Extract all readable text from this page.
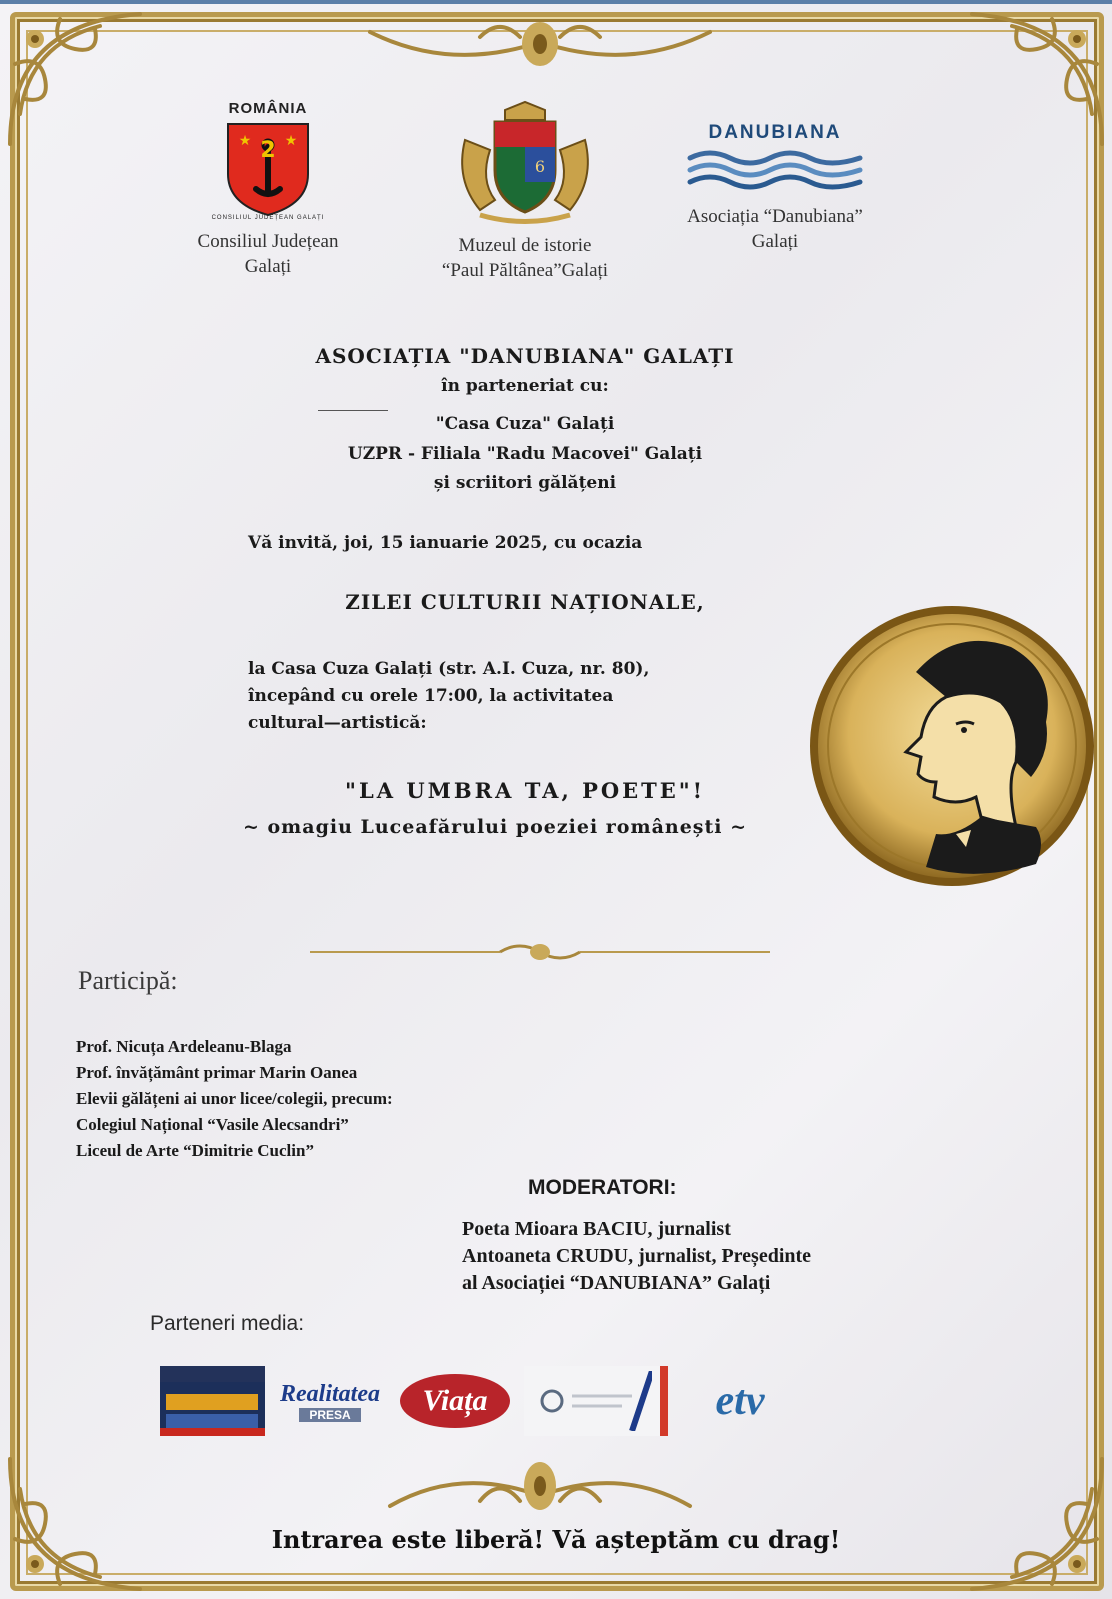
ROMÂNIA
2
★ ★
CONSILIUL JUDEȚEAN GALAȚI
Consiliul Județean
Galați
6
Muzeul de istorie
“Paul Păltânea”Galați
DANUBIANA
Asociația “Danubiana”
Galați
ASOCIAȚIA "DANUBIANA" GALAȚI
în parteneriat cu:
"Casa Cuza" Galați
UZPR - Filiala "Radu Macovei" Galați
și scriitori gălățeni
Vă invită, joi, 15 ianuarie 2025, cu ocazia
ZILEI CULTURII NAȚIONALE,
la Casa Cuza Galați (str. A.I. Cuza, nr. 80),
începând cu orele 17:00, la activitatea
cultural—artistică:
"LA UMBRA TA, POETE"!
~ omagiu Luceafărului poeziei românești ~
Participă:
Prof. Nicuța Ardeleanu-Blaga
Prof. învățământ primar Marin Oanea
Elevii gălățeni ai unor licee/colegii, precum:
Colegiul Național “Vasile Alecsandri”
Liceul de Arte “Dimitrie Cuclin”
MODERATORI:
Poeta Mioara BACIU, jurnalist
Antoaneta CRUDU, jurnalist, Președinte
al Asociației “DANUBIANA” Galați
Parteneri media:
Realitatea
PRESA	Viața	etv
Intrarea este liberă! Vă așteptăm cu drag!
